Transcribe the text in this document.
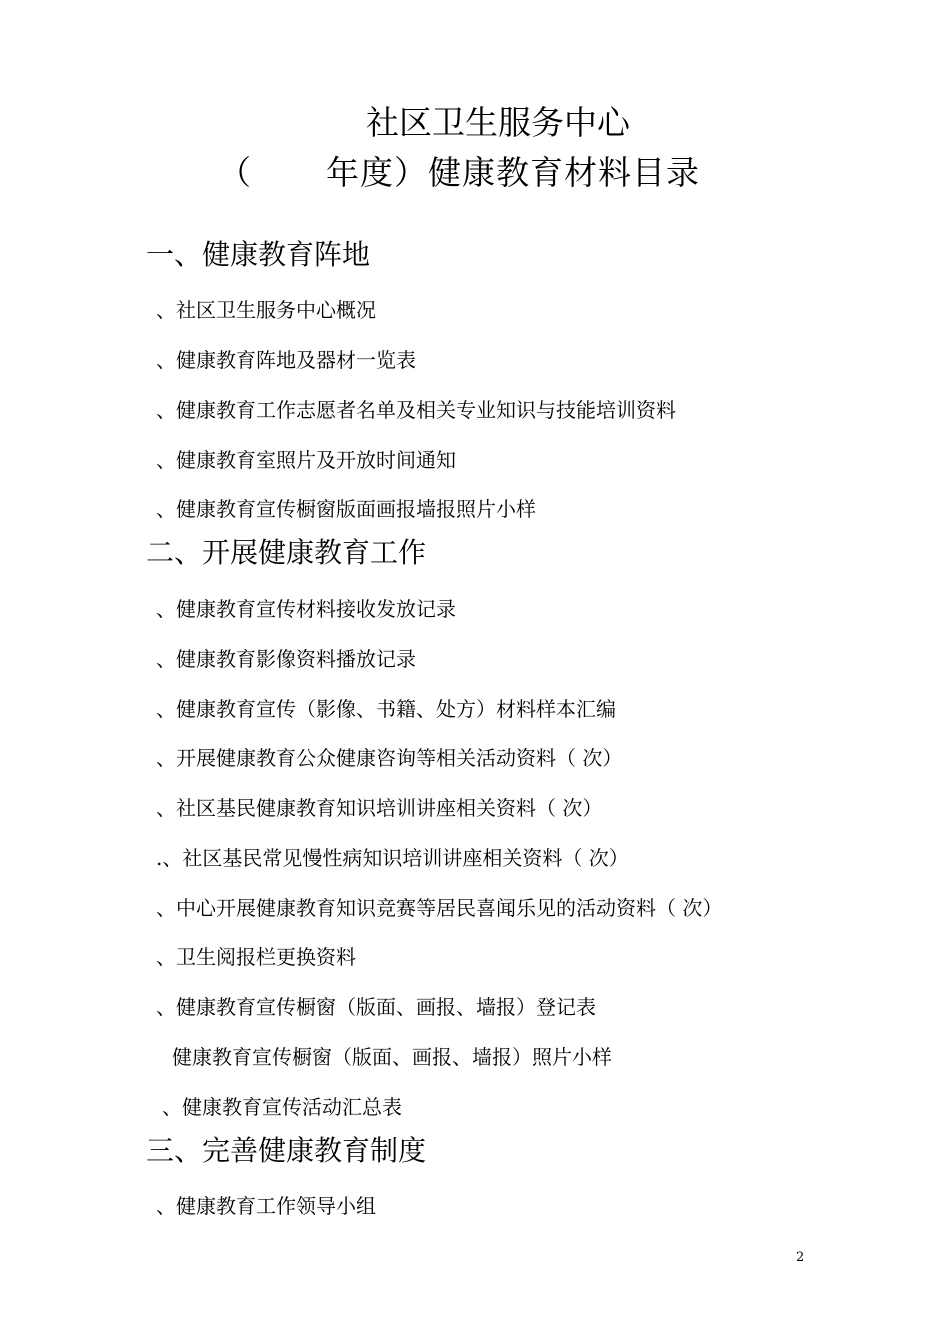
社区卫生服务中心
（ 年度）健康教育材料目录
一、健康教育阵地
、社区卫生服务中心概况
、健康教育阵地及器材一览表
、健康教育工作志愿者名单及相关专业知识与技能培训资料
、健康教育室照片及开放时间通知
、健康教育宣传橱窗版面画报墙报照片小样
二、开展健康教育工作
、健康教育宣传材料接收发放记录
、健康教育影像资料播放记录
、健康教育宣传（影像、书籍、处方）材料样本汇编
、开展健康教育公众健康咨询等相关活动资料（ 次）
、社区基民健康教育知识培训讲座相关资料（ 次）
.、社区基民常见慢性病知识培训讲座相关资料（ 次）
、中心开展健康教育知识竞赛等居民喜闻乐见的活动资料（ 次）
、卫生阅报栏更换资料
、健康教育宣传橱窗（版面、画报、墙报）登记表
健康教育宣传橱窗（版面、画报、墙报）照片小样
、健康教育宣传活动汇总表
三、完善健康教育制度
、健康教育工作领导小组
2
